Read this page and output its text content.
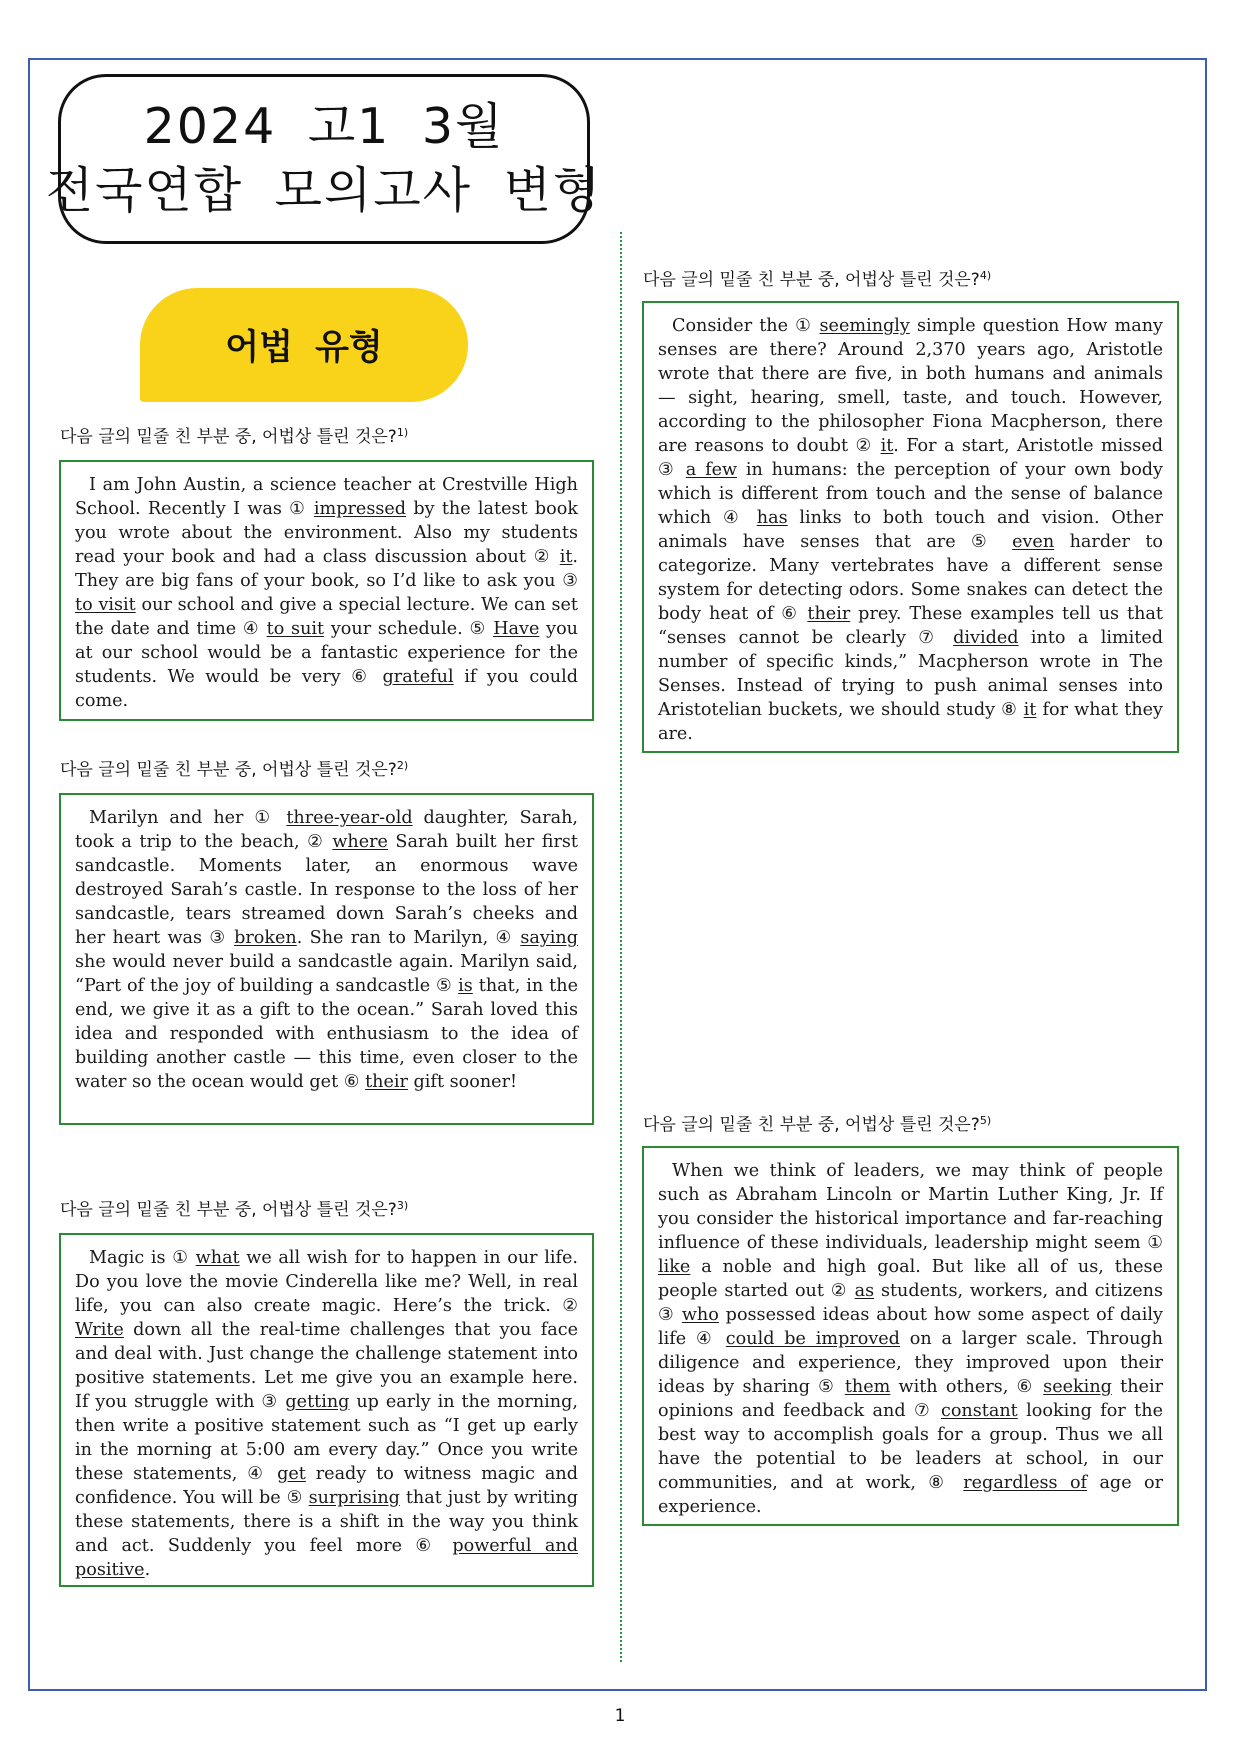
2024 고1 3월
전국연합 모의고사 변형
어법 유형
다음 글의 밑줄 친 부분 중, 어법상 틀린 것은?$^{1)}$

I am John Austin, a science teacher at Crestville High School. Recently I was ① impressed by the latest book you wrote about the environment. Also my students read your book and had a class discussion about ② it. They are big fans of your book, so I’d like to ask you ③ to visit our school and give a special lecture. We can set the date and time ④ to suit your schedule. ⑤ Have you at our school would be a fantastic experience for the students. We would be very ⑥ grateful if you could come.

다음 글의 밑줄 친 부분 중, 어법상 틀린 것은?$^{2)}$

Marilyn and her ① three-year-old daughter, Sarah, took a trip to the beach, ② where Sarah built her first sandcastle. Moments later, an enormous wave destroyed Sarah’s castle. In response to the loss of her sandcastle, tears streamed down Sarah’s cheeks and her heart was ③ broken. She ran to Marilyn, ④ saying she would never build a sandcastle again. Marilyn said, “Part of the joy of building a sandcastle ⑤ is that, in the end, we give it as a gift to the ocean.” Sarah loved this idea and responded with enthusiasm to the idea of building another castle — this time, even closer to the water so the ocean would get ⑥ their gift sooner!

다음 글의 밑줄 친 부분 중, 어법상 틀린 것은?$^{3)}$

Magic is ① what we all wish for to happen in our life. Do you love the movie Cinderella like me? Well, in real life, you can also create magic. Here’s the trick. ② Write down all the real-time challenges that you face and deal with. Just change the challenge statement into positive statements. Let me give you an example here. If you struggle with ③ getting up early in the morning, then write a positive statement such as “I get up early in the morning at 5:00 am every day.” Once you write these statements, ④ get ready to witness magic and confidence. You will be ⑤ surprising that just by writing these statements, there is a shift in the way you think and act. Suddenly you feel more ⑥ powerful and positive.

다음 글의 밑줄 친 부분 중, 어법상 틀린 것은?$^{4)}$

Consider the ① seemingly simple question How many senses are there? Around 2,370 years ago, Aristotle wrote that there are five, in both humans and animals — sight, hearing, smell, taste, and touch. However, according to the philosopher Fiona Macpherson, there are reasons to doubt ② it. For a start, Aristotle missed ③ a few in humans: the perception of your own body which is different from touch and the sense of balance which ④ has links to both touch and vision. Other animals have senses that are ⑤ even harder to categorize. Many vertebrates have a different sense system for detecting odors. Some snakes can detect the body heat of ⑥ their prey. These examples tell us that “senses cannot be clearly ⑦ divided into a limited number of specific kinds,” Macpherson wrote in The Senses. Instead of trying to push animal senses into Aristotelian buckets, we should study ⑧ it for what they are.

다음 글의 밑줄 친 부분 중, 어법상 틀린 것은?$^{5)}$

When we think of leaders, we may think of people such as Abraham Lincoln or Martin Luther King, Jr. If you consider the historical importance and far-reaching influence of these individuals, leadership might seem ① like a noble and high goal. But like all of us, these people started out ② as students, workers, and citizens ③ who possessed ideas about how some aspect of daily life ④ could be improved on a larger scale. Through diligence and experience, they improved upon their ideas by sharing ⑤ them with others, ⑥ seeking their opinions and feedback and ⑦ constant looking for the best way to accomplish goals for a group. Thus we all have the potential to be leaders at school, in our communities, and at work, ⑧ regardless of age or experience.

1
